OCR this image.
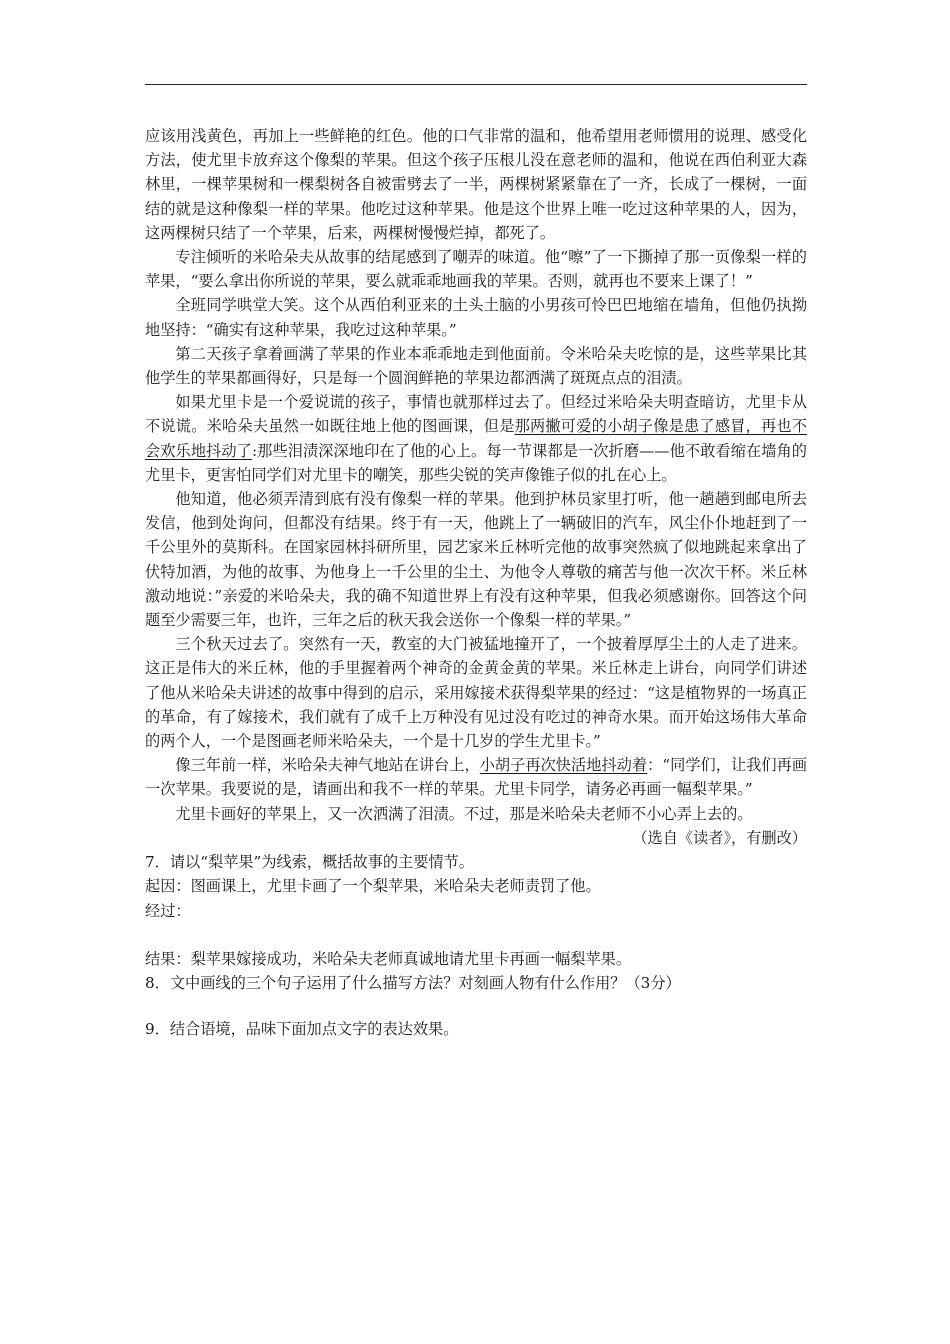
应该用浅黄色，再加上一些鲜艳的红色。他的口气非常的温和，他希望用老师惯用的说理、感受化方法，使尤里卡放弃这个像梨的苹果。但这个孩子压根儿没在意老师的温和，他说在西伯利亚大森林里，一棵苹果树和一棵梨树各自被雷劈去了一半，两棵树紧紧靠在了一齐，长成了一棵树，一面结的就是这种像梨一样的苹果。他吃过这种苹果。他是这个世界上唯一吃过这种苹果的人，因为，这两棵树只结了一个苹果，后来，两棵树慢慢烂掉，都死了。

专注倾听的米哈朵夫从故事的结尾感到了嘲弄的味道。他“嚓”了一下撕掉了那一页像梨一样的苹果，“要么拿出你所说的苹果，要么就乖乖地画我的苹果。否则，就再也不要来上课了！”

全班同学哄堂大笑。这个从西伯利亚来的土头土脑的小男孩可怜巴巴地缩在墙角，但他仍执拗地坚持：“确实有这种苹果，我吃过这种苹果。”

第二天孩子拿着画满了苹果的作业本乖乖地走到他面前。令米哈朵夫吃惊的是，这些苹果比其他学生的苹果都画得好，只是每一个圆润鲜艳的苹果边都洒满了斑斑点点的泪渍。

如果尤里卡是一个爱说谎的孩子，事情也就那样过去了。但经过米哈朵夫明查暗访，尤里卡从不说谎。米哈朵夫虽然一如既往地上他的图画课，但是那两撇可爱的小胡子像是患了感冒，再也不会欢乐地抖动了:那些泪渍深深地印在了他的心上。每一节课都是一次折磨——他不敢看缩在墙角的尤里卡，更害怕同学们对尤里卡的嘲笑，那些尖锐的笑声像锥子似的扎在心上。

他知道，他必须弄清到底有没有像梨一样的苹果。他到护林员家里打听，他一趟趟到邮电所去发信，他到处询问，但都没有结果。终于有一天，他跳上了一辆破旧的汽车，风尘仆仆地赶到了一千公里外的莫斯科。在国家园林抖研所里，园艺家米丘林听完他的故事突然疯了似地跳起来拿出了伏特加酒，为他的故事、为他身上一千公里的尘土、为他令人尊敬的痛苦与他一次次干杯。米丘林激动地说：”亲爱的米哈朵夫，我的确不知道世界上有没有这种苹果，但我必须感谢你。回答这个问题至少需要三年，也许，三年之后的秋天我会送你一个像梨一样的苹果。”

三个秋天过去了。突然有一天，教室的大门被猛地撞开了，一个披着厚厚尘土的人走了进来。这正是伟大的米丘林，他的手里握着两个神奇的金黄金黄的苹果。米丘林走上讲台，向同学们讲述了他从米哈朵夫讲述的故事中得到的启示，采用嫁接术获得梨苹果的经过：“这是植物界的一场真正的革命，有了嫁接术，我们就有了成千上万种没有见过没有吃过的神奇水果。而开始这场伟大革命的两个人，一个是图画老师米哈朵夫，一个是十几岁的学生尤里卡。”

像三年前一样，米哈朵夫神气地站在讲台上，小胡子再次快活地抖动着：“同学们，让我们再画一次苹果。我要说的是，请画出和我不一样的苹果。尤里卡同学，请务必再画一幅梨苹果。”

尤里卡画好的苹果上，又一次洒满了泪渍。不过，那是米哈朵夫老师不小心弄上去的。

（选自《读者》，有删改）

7．请以“梨苹果”为线索，概括故事的主要情节。

起因：图画课上，尤里卡画了一个梨苹果，米哈朵夫老师责罚了他。

经过：

结果：梨苹果嫁接成功，米哈朵夫老师真诚地请尤里卡再画一幅梨苹果。

8．文中画线的三个句子运用了什么描写方法？对刻画人物有什么作用？（3分）

9．结合语境，品味下面加点文字的表达效果。
